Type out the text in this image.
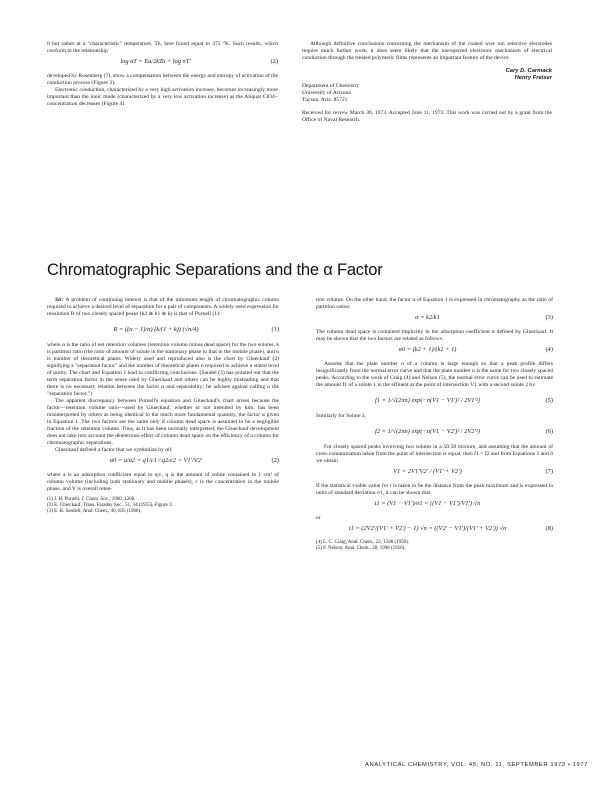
0 but rather at a "characteristic" temperature, Th, here found equal to 375 °K. Such results, which conform to the relationship

log σT = Ea/2kTa + log σT′	(2)

developed by Rosenberg (7), show a compensation between the energy and entropy of activation of the conduction process (Figure 3).

Electronic conduction, characterized by a very high activation increase, becomes increasingly more important than the ionic mode (characterized by a very low activation increase) as the Aliquat ClO4− concentration decreases (Figure 4).

Although definitive conclusions concerning the mechanism of the coated wire ion selective electrodes require much further work, it does seem likely that the unexpected electronic mechanism of electrical conduction through the treated polymeric films represents an important feature of the device.

Cary D. Carmack
Henry Freiser
Department of Chemistry
University of Arizona
Tucson, Ariz. 85721

Received for review March 30, 1973. Accepted June 11, 1973. This work was carried out by a grant from the Office of Naval Research.

Chromatographic Separations and the α Factor

Sir: A problem of continuing interest is that of the minimum length of chromatographic column required to achieve a desired level of separation for a pair of components. A widely used expression for resolution R of two closely spaced peaks (k2 ≅ k1 ≅ k) is that of Purnell (1):

R = ((α − 1)/α) (k/(1 + k)) (√n/4)	(1)

where α is the ratio of net retention volumes (retention volume minus dead space) for the two solutes, k is partition ratio (the ratio of amount of solute in the stationary phase to that in the mobile phase), and n is number of theoretical plates. Widely used and reproduced also is the chart by Glueckauf (2) signifying a "separation factor" and the number of theoretical plates n required to achieve a stated level of purity. The chart and Equation 1 lead to conflicting conclusions. (Sandel (3) has pointed out that the term separation factor in the sense used by Glueckauf and others can be highly misleading and that there is no necessary relation between the factor α and separability; he advises against calling α the "separation factor.")

The apparent discrepancy between Purnell's equation and Glueckauf's chart arises because the factor—retention volume ratio—used by Glueckauf, whether or not intended by him, has been misinterpreted by others as being identical to the much more fundamental quantity, the factor α given in Equation 1. The two factors are the same only if column dead space is assumed to be a negligible fraction of the retention volume. Thus, as it has been normally interpreted, the Glueckauf development does not take into account the deleterious effect of column dead space on the efficiency of a column for chromatographic separations.

Glueckauf defined a factor that we symbolize by α0:

α0 = a/a2 = q1/c1 / q2/c2 = V1′/V2′	(2)

where a is an adsorption coefficient equal to q/c, q is the amount of solute contained in 1 cm³ of column volume (including both stationary and mobile phases), c is the concentration in the mobile phase, and V is overall reten-

(1) J. H. Purnell, J. Chem. Soc., 1960, 1268.
(2) E. Glueckauf, Trans. Faraday Soc., 51, 34 (1955), Figure 3.
(3) E. B. Sandell, Anal. Chem., 40, 835 (1968).

tion volume. On the other hand, the factor α of Equation 1 is expressed in chromatography as the ratio of partition ratios:

α = k2/k1	(3)

The column dead space is contained implicitly in the adsorption coefficient α defined by Glueckauf. It may be shown that the two factors are related as follows:

α0 = (k2 + 1)/(k1 + 1)	(4)

Assume that the plate number n of a column is large enough so that a peak profile differs insignificantly from the normal error curve and that the plate number n is the same for two closely spaced peaks. According to the work of Craig (4) and Nelson (5), the normal error curve can be used to estimate the amount f1 of a solute 1 in the effluent at the point of intersection V1 with a second solute 2 by

f1 = 1/√(2πn) exp(−n(V1 − V1′)² / 2V1′²)	(5)

Similarly for Solute 2,

f2 = 1/√(2πn) exp(−n(V1 − V2′)² / 2V2′²)	(6)

For closely spaced peaks involving two solutes in a 50:50 mixture, and assuming that the amount of cross contamination taken from the point of intersection is equal, then f1 = f2 and from Equations 5 and 6 we obtain

V1 = 2V1′V2′ / (V1′ + V2′)	(7)

If the statistical t-table value for t is taken to be the distance from the peak maximum and is expressed in units of standard deviation σ1, it can be shown that

t1 = (V1 − V1′)/σ1 = ((V1 − V1′)/V1′) √n
or
t1 = (2V2′/(V1′ + V2′) − 1) √n = ((V2′ − V1′)/(V1′ + V2′)) √n	(8)
(4) L. C. Craig, Anal. Chem., 22, 1346 (1950).
(5) F. Nelson, Anal. Chem., 28, 1998 (1956).
ANALYTICAL CHEMISTRY, VOL. 45, NO. 11, SEPTEMBER 1973 • 1977
